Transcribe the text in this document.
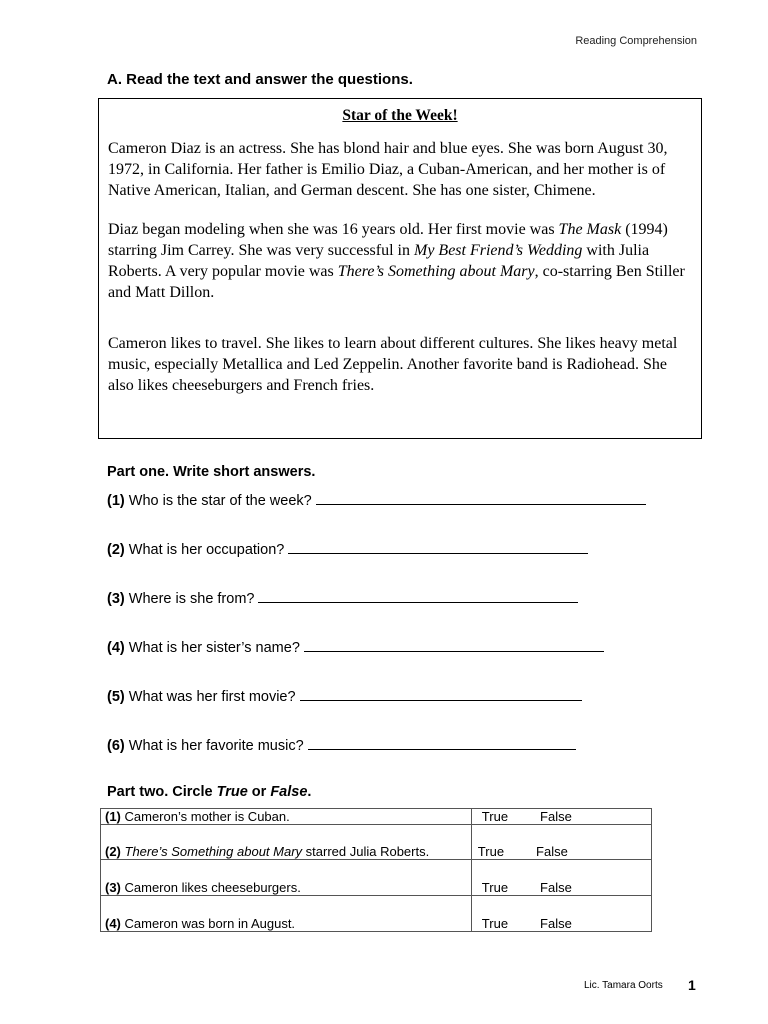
Reading Comprehension
A. Read the text and answer the questions.
Star of the Week!

Cameron Diaz is an actress. She has blond hair and blue eyes. She was born August 30, 1972, in California. Her father is Emilio Diaz, a Cuban-American, and her mother is of Native American, Italian, and German descent. She has one sister, Chimene.

Diaz began modeling when she was 16 years old. Her first movie was The Mask (1994) starring Jim Carrey. She was very successful in My Best Friend’s Wedding with Julia Roberts. A very popular movie was There’s Something about Mary, co-starring Ben Stiller and Matt Dillon.

Cameron likes to travel. She likes to learn about different cultures. She likes heavy metal music, especially Metallica and Led Zeppelin. Another favorite band is Radiohead. She also likes cheeseburgers and French fries.

Part one. Write short answers.
(1) Who is the star of the week?
(2) What is her occupation?
(3) Where is she from?
(4) What is her sister’s name?
(5) What was her first movie?
(6) What is her favorite music?
Part two. Circle True or False.
(1) Cameron’s mother is Cuban.	True False
(2) There’s Something about Mary starred Julia Roberts.	True False
(3) Cameron likes cheeseburgers.	True False
(4) Cameron was born in August.	True False
Lic. Tamara Oorts 1
